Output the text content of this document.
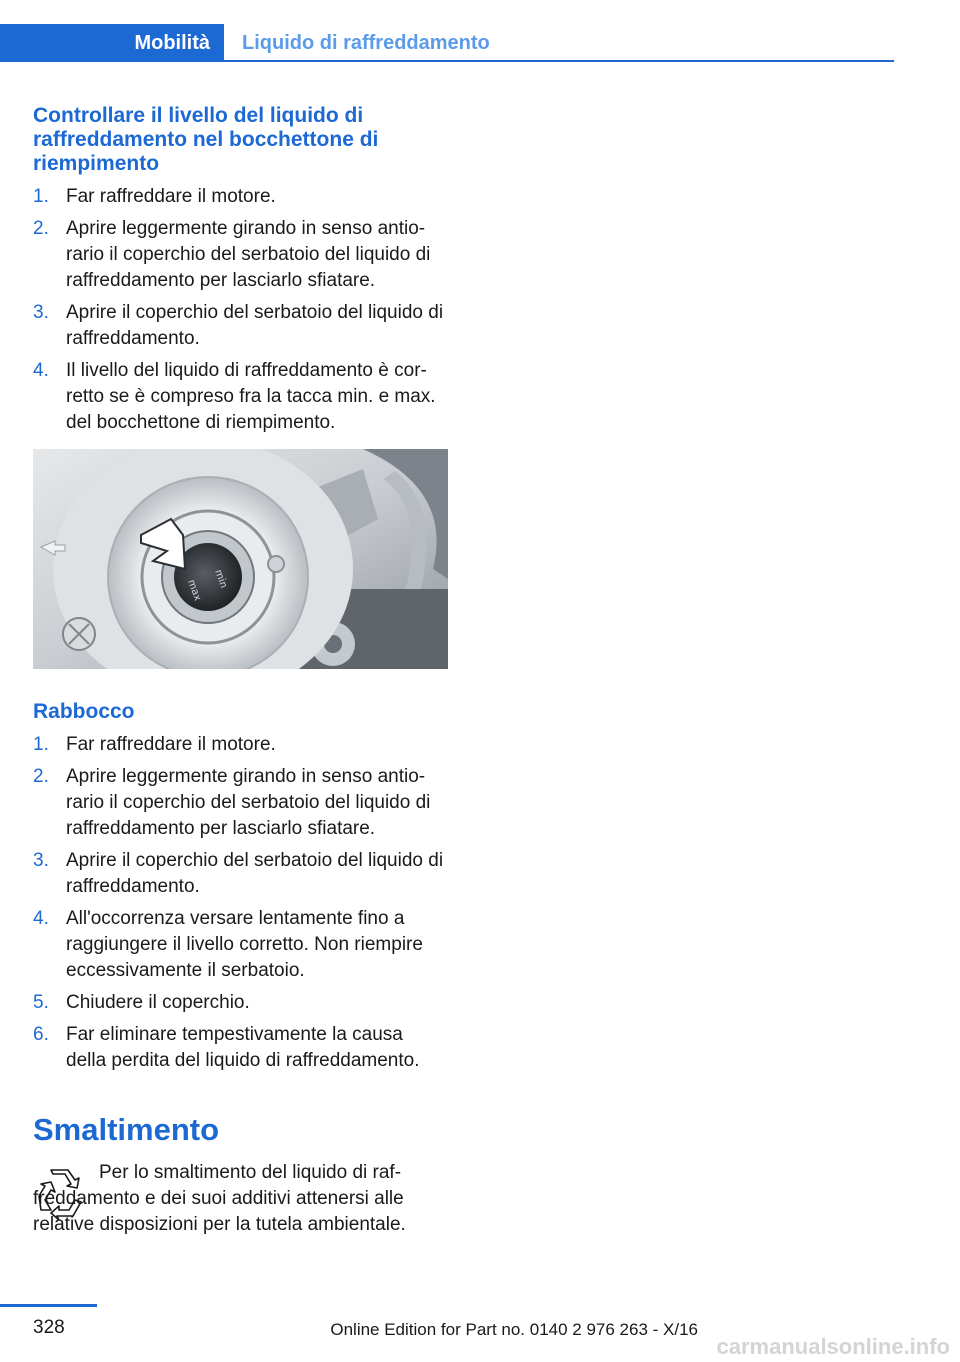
Mobilità	Liquido di raffreddamento
Controllare il livello del liquido di raffreddamento nel bocchettone di riempimento
1. Far raffreddare il motore.
2. Aprire leggermente girando in senso antiorario il coperchio del serbatoio del liquido di raffreddamento per lasciarlo sfiatare.
3. Aprire il coperchio del serbatoio del liquido di raffreddamento.
4. Il livello del liquido di raffreddamento è corretto se è compreso fra la tacca min. e max. del bocchettone di riempimento.
min
max
Rabbocco
1. Far raffreddare il motore.
2. Aprire leggermente girando in senso antiorario il coperchio del serbatoio del liquido di raffreddamento per lasciarlo sfiatare.
3. Aprire il coperchio del serbatoio del liquido di raffreddamento.
4. All'occorrenza versare lentamente fino a raggiungere il livello corretto. Non riempire eccessivamente il serbatoio.
5. Chiudere il coperchio.
6. Far eliminare tempestivamente la causa della perdita del liquido di raffreddamento.
Smaltimento

Per lo smaltimento del liquido di raffreddamento e dei suoi additivi attenersi alle relative disposizioni per la tutela ambientale.

328	Online Edition for Part no. 0140 2 976 263 - X/16
carmanualsonline.info
